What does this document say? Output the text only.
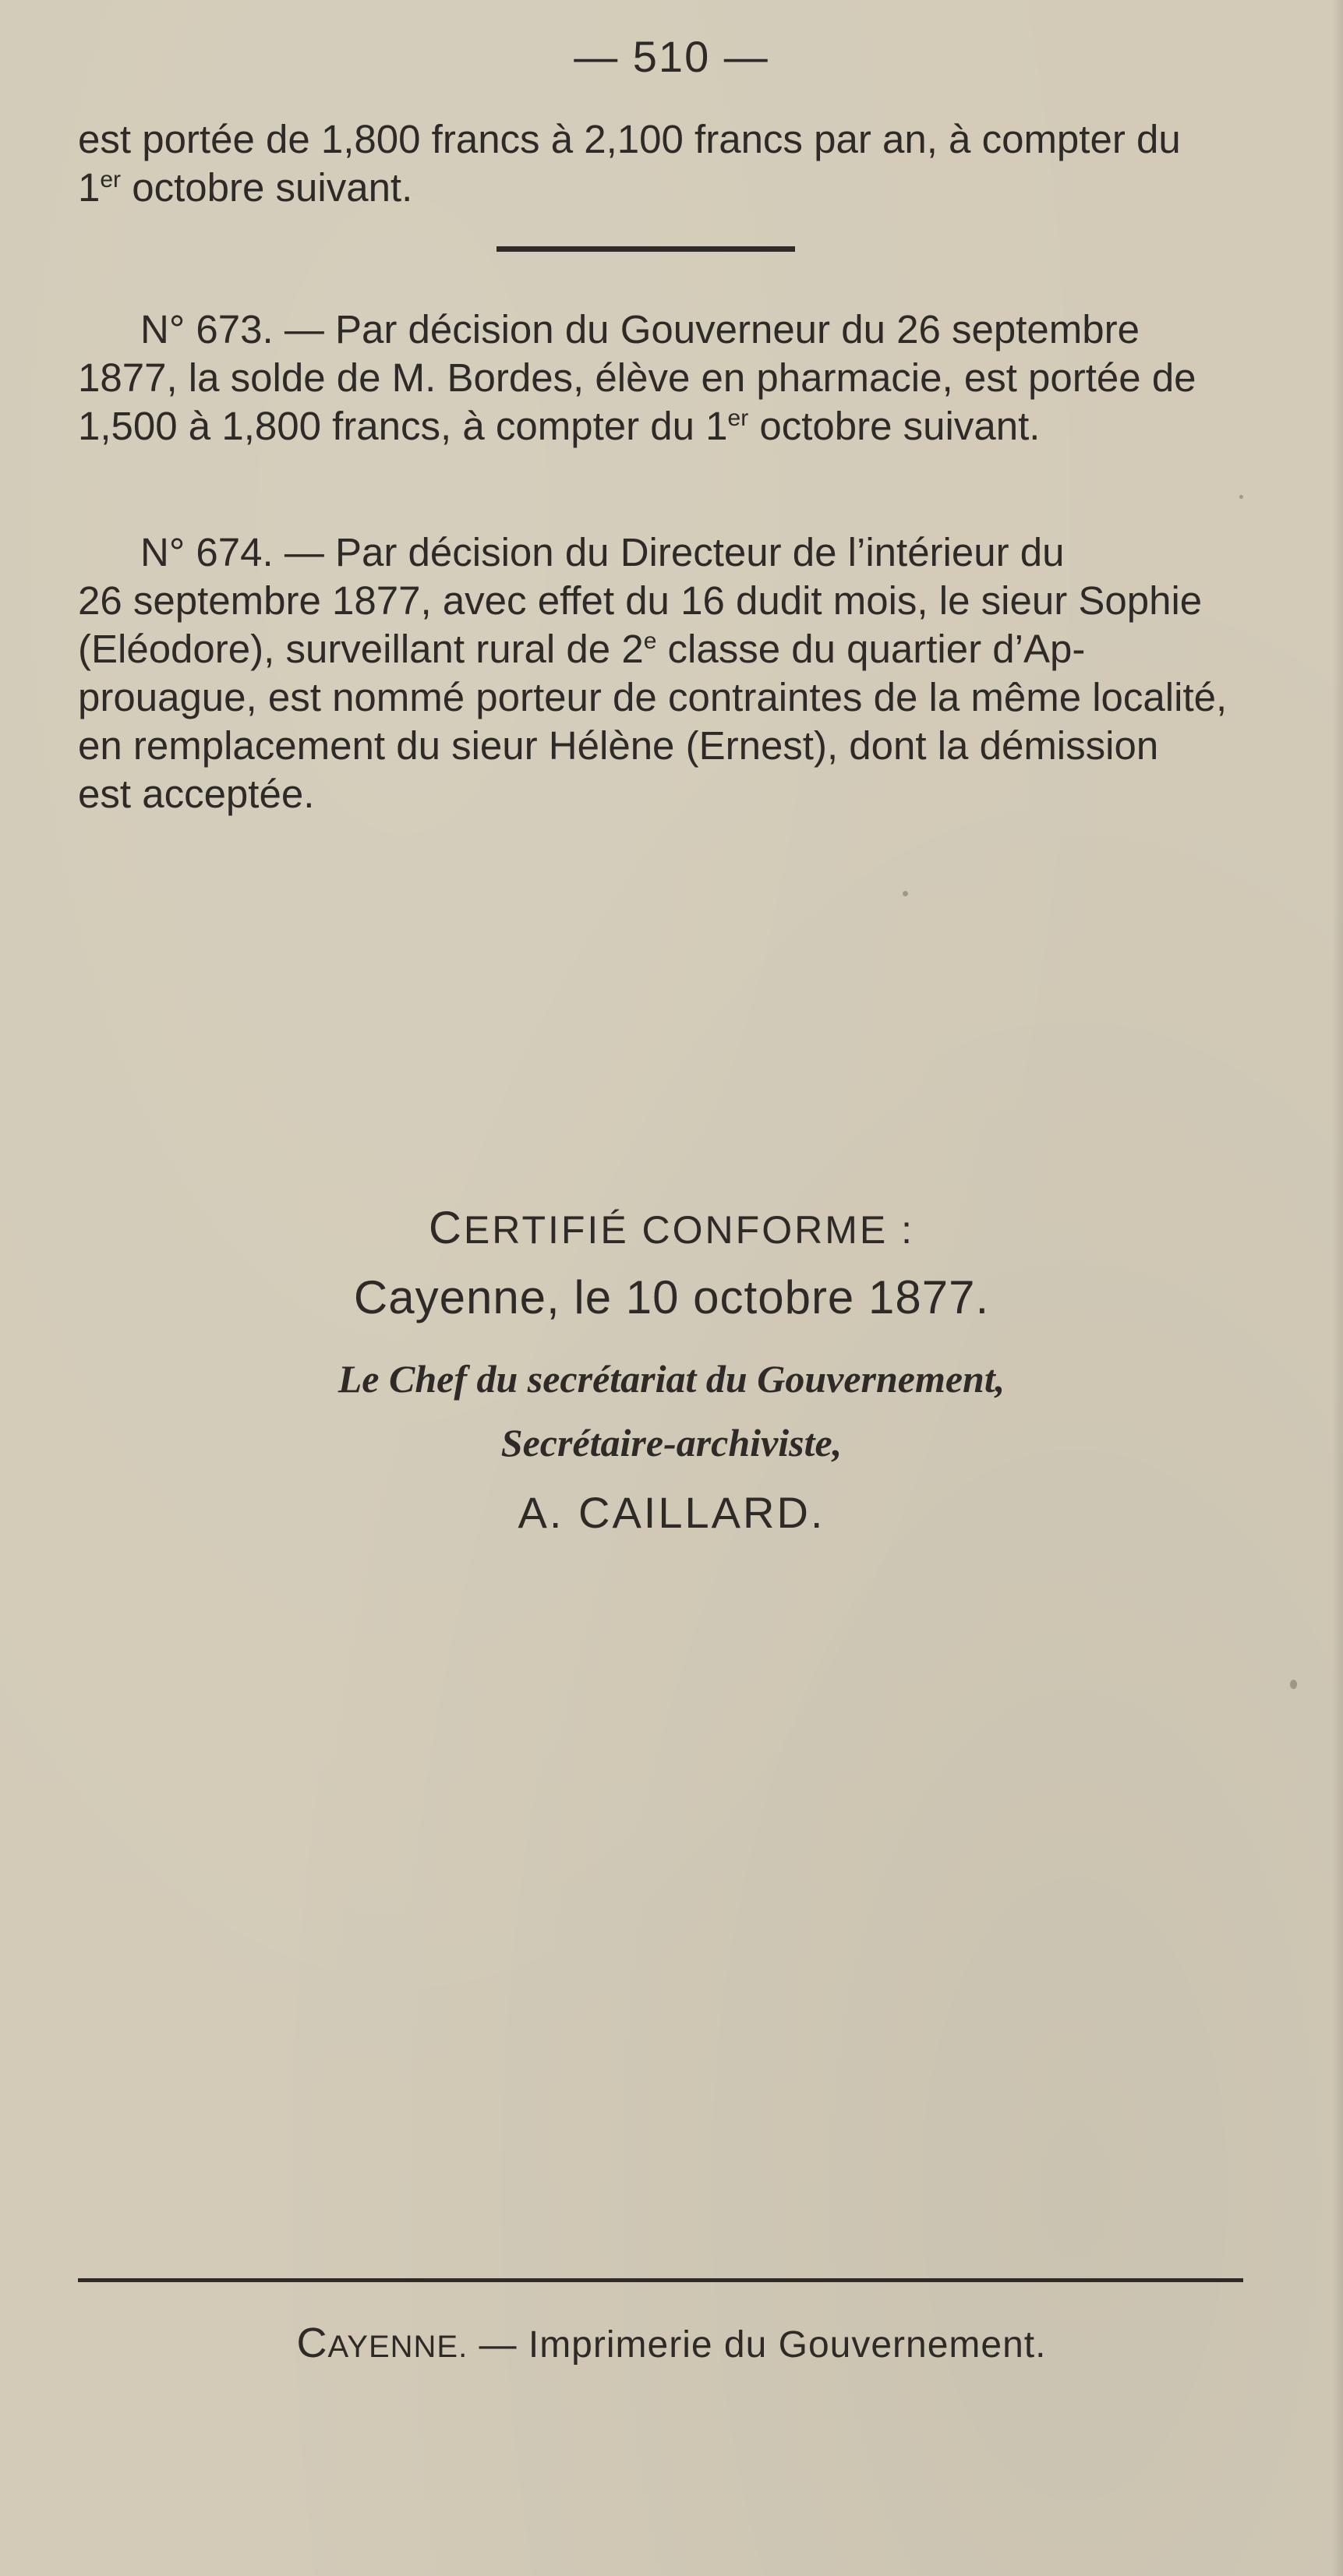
— 510 —

est portée de 1,800 francs à 2,100 francs par an, à compter du

1er octobre suivant.

N° 673. — Par décision du Gouverneur du 26 septembre

1877, la solde de M. Bordes, élève en pharmacie, est portée de

1,500 à 1,800 francs, à compter du 1er octobre suivant.

N° 674. — Par décision du Directeur de l’intérieur du

26 septembre 1877, avec effet du 16 dudit mois, le sieur Sophie

(Eléodore), surveillant rural de 2e classe du quartier d’Ap-

prouague, est nommé porteur de contraintes de la même localité,

en remplacement du sieur Hélène (Ernest), dont la démission

est acceptée.

CERTIFIÉ CONFORME :
Cayenne, le 10 octobre 1877.
Le Chef du secrétariat du Gouvernement,
Secrétaire-archiviste,
A. CAILLARD.
CAYENNE. — Imprimerie du Gouvernement.
